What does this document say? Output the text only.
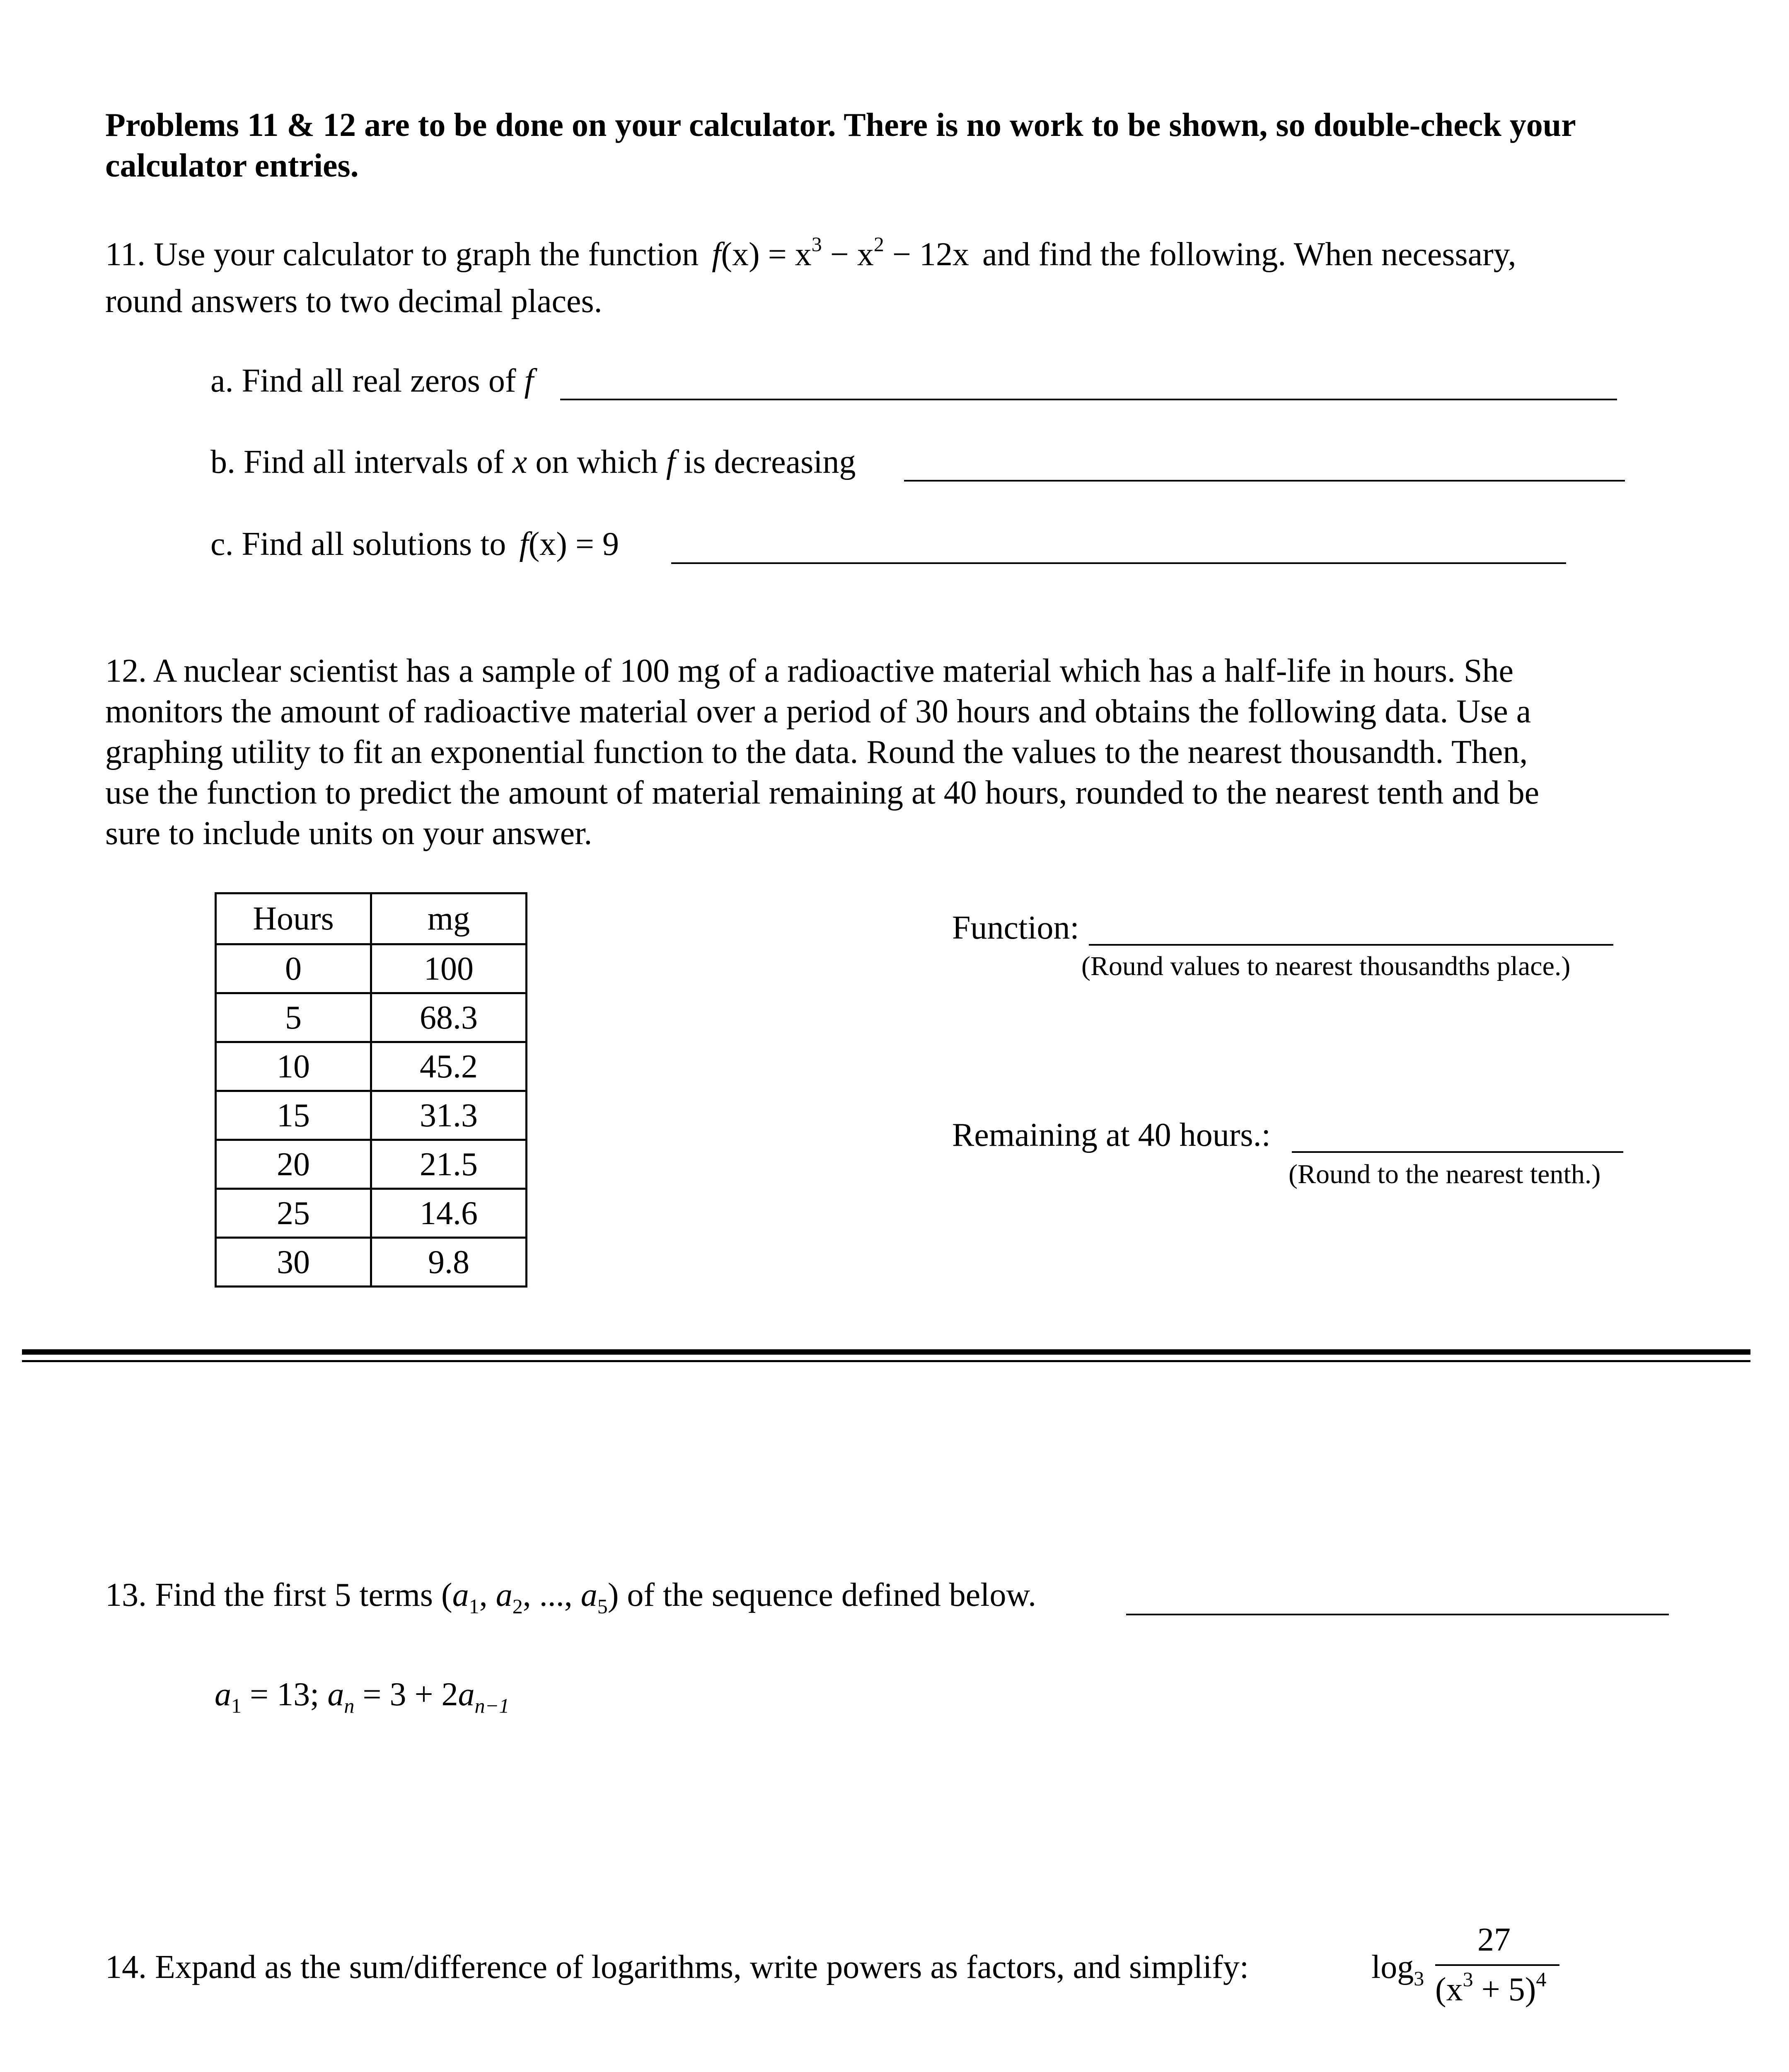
Problems 11 & 12 are to be done on your calculator. There is no work to be shown, so double-check your
calculator entries.
11. Use your calculator to graph the function $f(x) = x^3 - x^2 - 12x$ and find the following. When necessary,
round answers to two decimal places.
a. Find all real zeros of f
b. Find all intervals of x on which f is decreasing
c. Find all solutions to f(x) = 9
12. A nuclear scientist has a sample of 100 mg of a radioactive material which has a half-life in hours. She
monitors the amount of radioactive material over a period of 30 hours and obtains the following data. Use a
graphing utility to fit an exponential function to the data. Round the values to the nearest thousandth. Then,
use the function to predict the amount of material remaining at 40 hours, rounded to the nearest tenth and be
sure to include units on your answer.
Hours	mg
0	100
5	68.3
10	45.2
15	31.3
20	21.5
25	14.6
30	9.8
Function:
(Round values to nearest thousandths place.)
Remaining at 40 hours.:
(Round to the nearest tenth.)
13. Find the first 5 terms ($a_1$, $a_2$, ..., $a_5$) of the sequence defined below.
$a_1 = 13$; $a_n = 3 + 2a_{n-1}$
14. Expand as the sum/difference of logarithms, write powers as factors, and simplify:	$\log_3$
27
$(x^3 + 5)^4$
